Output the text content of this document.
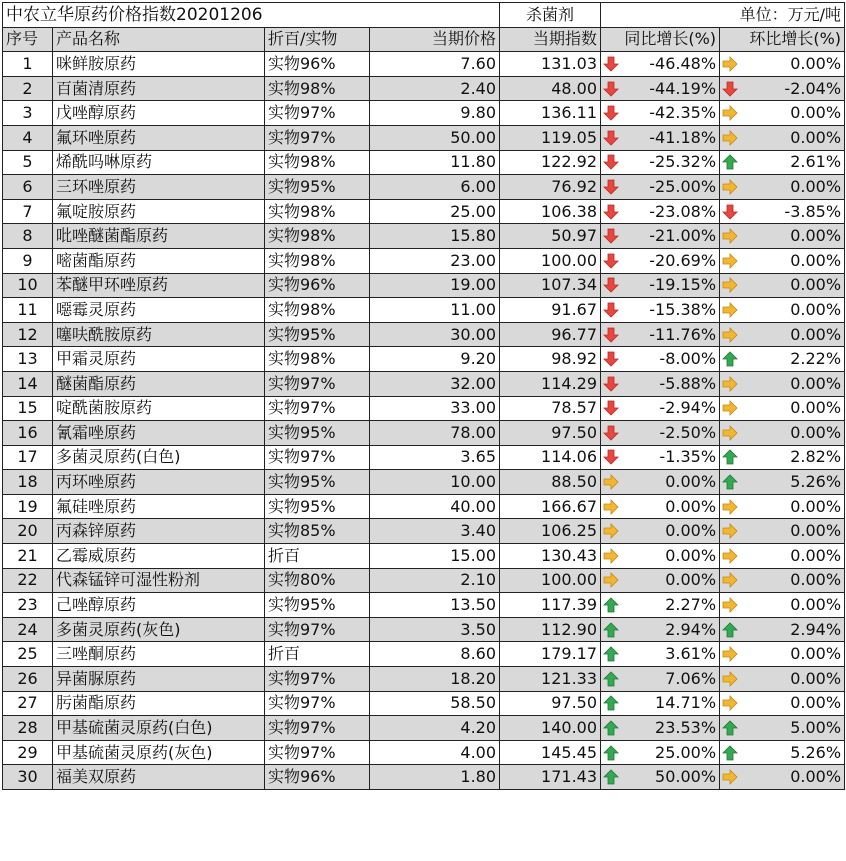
中农立华原药价格指数20201206				杀菌剂	单位：万元/吨	
序号	产品名称	折百/实物	当期价格	当期指数	同比增长(%)	环比增长(%)
1	咪鲜胺原药	实物96%	7.60	131.03	-46.48%	0.00%

2	百菌清原药	实物98%	2.40	48.00	-44.19%	-2.04%

3	戊唑醇原药	实物97%	9.80	136.11	-42.35%	0.00%

4	氟环唑原药	实物97%	50.00	119.05	-41.18%	0.00%

5	烯酰吗啉原药	实物98%	11.80	122.92	-25.32%	2.61%

6	三环唑原药	实物95%	6.00	76.92	-25.00%	0.00%

7	氟啶胺原药	实物98%	25.00	106.38	-23.08%	-3.85%

8	吡唑醚菌酯原药	实物98%	15.80	50.97	-21.00%	0.00%

9	嘧菌酯原药	实物98%	23.00	100.00	-20.69%	0.00%

10	苯醚甲环唑原药	实物96%	19.00	107.34	-19.15%	0.00%

11	噁霉灵原药	实物98%	11.00	91.67	-15.38%	0.00%

12	噻呋酰胺原药	实物95%	30.00	96.77	-11.76%	0.00%

13	甲霜灵原药	实物98%	9.20	98.92	-8.00%	2.22%

14	醚菌酯原药	实物97%	32.00	114.29	-5.88%	0.00%

15	啶酰菌胺原药	实物97%	33.00	78.57	-2.94%	0.00%

16	氰霜唑原药	实物95%	78.00	97.50	-2.50%	0.00%

17	多菌灵原药(白色)	实物97%	3.65	114.06	-1.35%	2.82%

18	丙环唑原药	实物95%	10.00	88.50	0.00%	5.26%

19	氟硅唑原药	实物95%	40.00	166.67	0.00%	0.00%

20	丙森锌原药	实物85%	3.40	106.25	0.00%	0.00%

21	乙霉威原药	折百	15.00	130.43	0.00%	0.00%

22	代森锰锌可湿性粉剂	实物80%	2.10	100.00	0.00%	0.00%

23	己唑醇原药	实物95%	13.50	117.39	2.27%	0.00%

24	多菌灵原药(灰色)	实物97%	3.50	112.90	2.94%	2.94%

25	三唑酮原药	折百	8.60	179.17	3.61%	0.00%

26	异菌脲原药	实物97%	18.20	121.33	7.06%	0.00%

27	肟菌酯原药	实物97%	58.50	97.50	14.71%	0.00%

28	甲基硫菌灵原药(白色)	实物97%	4.20	140.00	23.53%	5.00%

29	甲基硫菌灵原药(灰色)	实物97%	4.00	145.45	25.00%	5.26%

30	福美双原药	实物96%	1.80	171.43	50.00%	0.00%
